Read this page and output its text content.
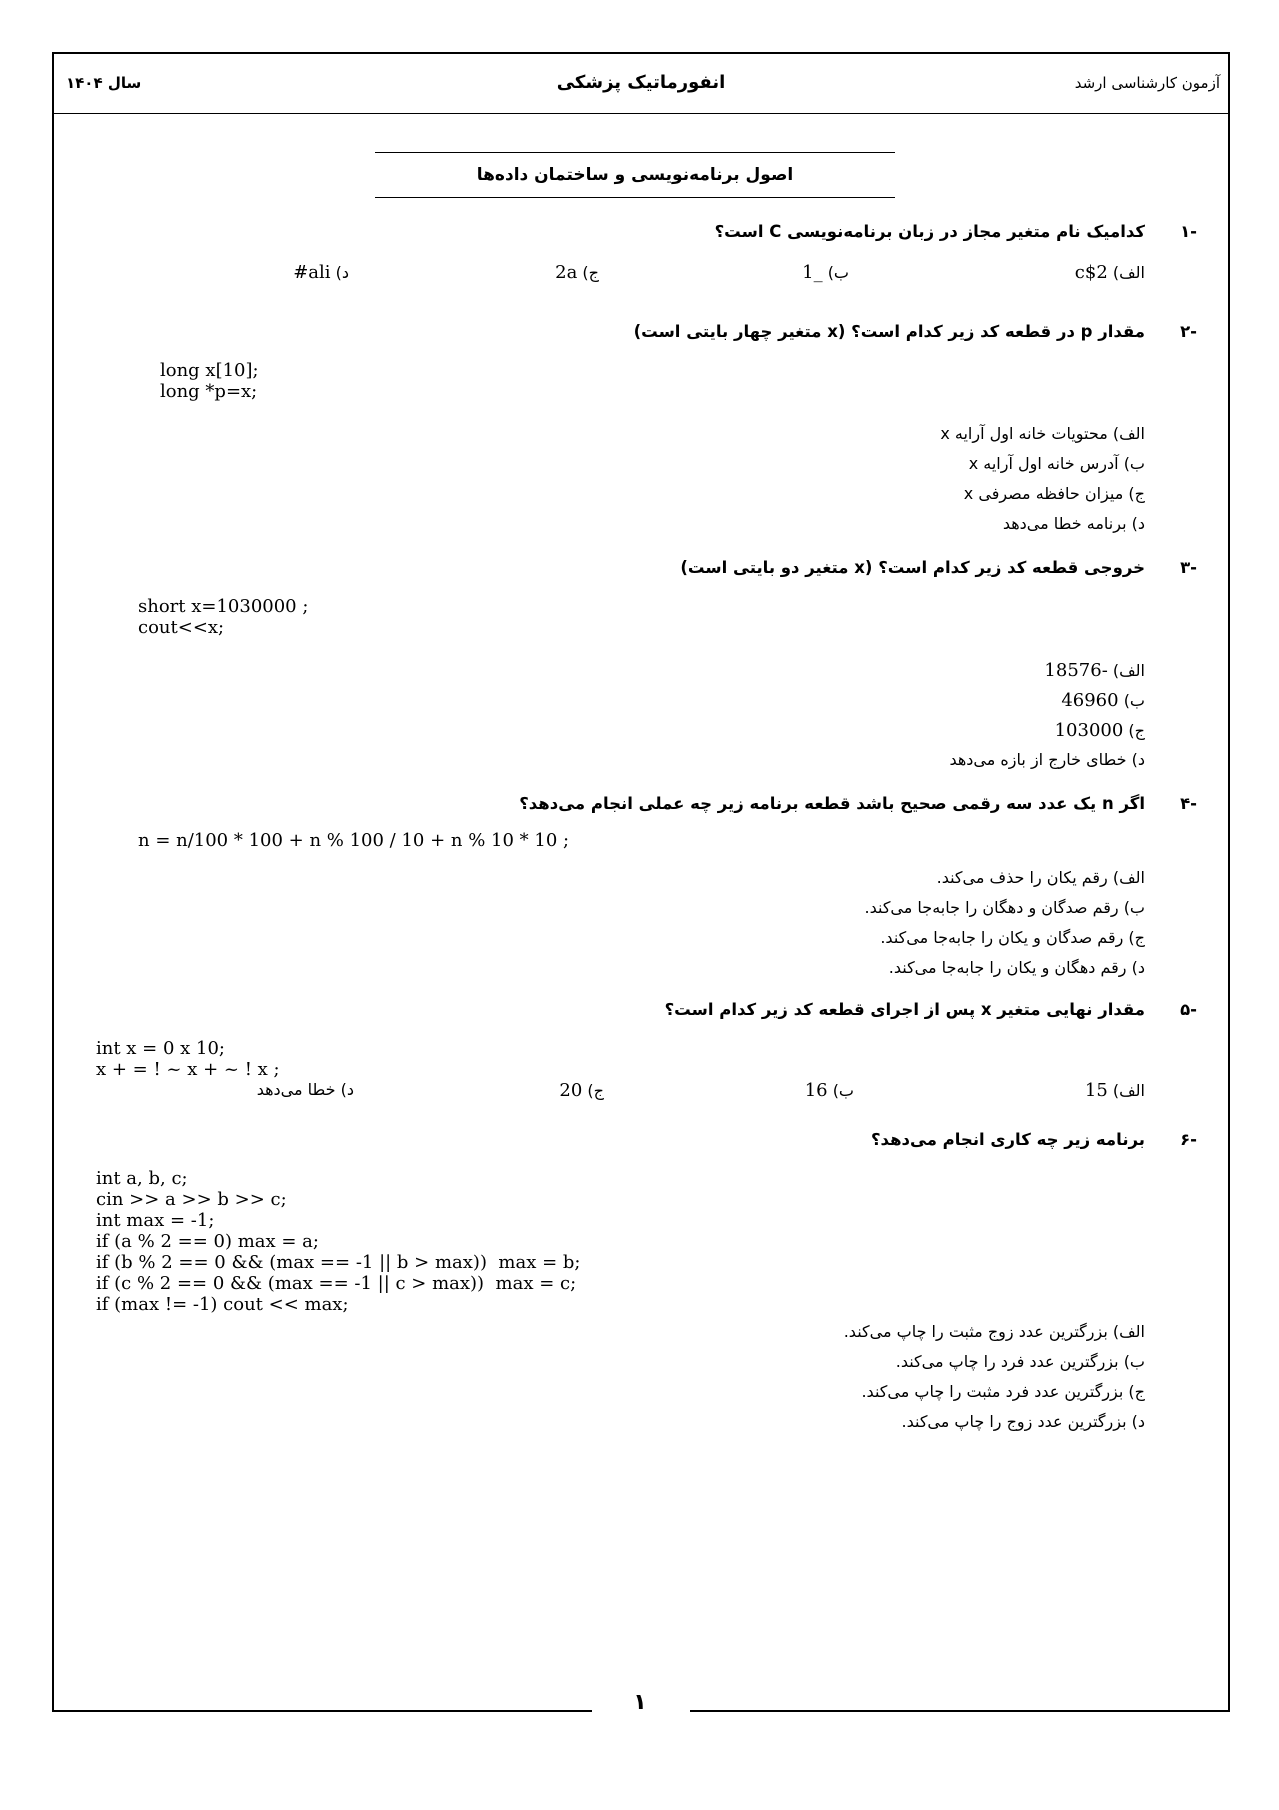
آزمون کارشناسی ارشد
انفورماتیک پزشکی
سال ۱۴۰۴
اصول برنامه‌نویسی و ساختمان داده‌ها
-۱
کدامیک نام متغیر مجاز در زبان برنامه‌نویسی C است؟
الف) c$2
ب) _1
ج) 2a
د) ali#
-۲
مقدار p در قطعه کد زیر کدام است؟ (x متغیر چهار بایتی است)
long x[10];
long *p=x;
الف) محتویات خانه اول آرایه x
ب) آدرس خانه اول آرایه x
ج) میزان حافظه مصرفی x
د) برنامه خطا می‌دهد
-۳
خروجی قطعه کد زیر کدام است؟ (x متغیر دو بایتی است)
short x=1030000 ;
cout<<x;
الف) -18576
ب) 46960
ج) 103000
د) خطای خارج از بازه می‌دهد
-۴
اگر n یک عدد سه رقمی صحیح باشد قطعه برنامه زیر چه عملی انجام می‌دهد؟
n = n/100 * 100 + n % 100 / 10 + n % 10 * 10 ;
الف) رقم یکان را حذف می‌کند.
ب) رقم صدگان و دهگان را جابه‌جا می‌کند.
ج) رقم صدگان و یکان را جابه‌جا می‌کند.
د) رقم دهگان و یکان را جابه‌جا می‌کند.
-۵
مقدار نهایی متغیر x پس از اجرای قطعه کد زیر کدام است؟
int x = 0 x 10;
x + = ! ~ x + ~ ! x ;
الف) 15
ب) 16
ج) 20
د) خطا می‌دهد
-۶
برنامه زیر چه کاری انجام می‌دهد؟
int a, b, c;
cin >> a >> b >> c;
int max = -1;
if (a % 2 == 0) max = a;
if (b % 2 == 0 && (max == -1 || b > max))  max = b;
if (c % 2 == 0 && (max == -1 || c > max))  max = c;
if (max != -1) cout << max;
الف) بزرگترین عدد زوج مثبت را چاپ می‌کند.
ب) بزرگترین عدد فرد را چاپ می‌کند.
ج) بزرگترین عدد فرد مثبت را چاپ می‌کند.
د) بزرگترین عدد زوج را چاپ می‌کند.
۱
